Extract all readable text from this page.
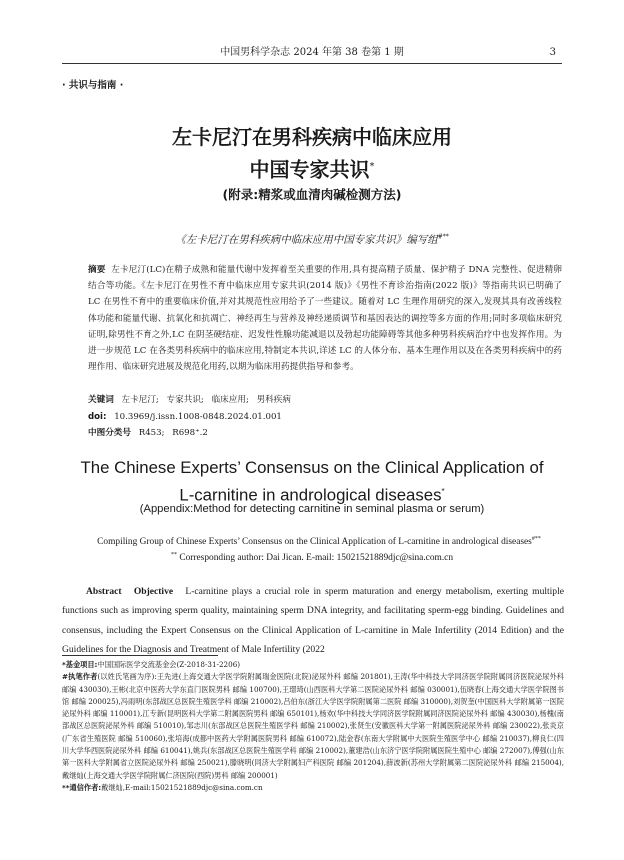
中国男科学杂志 2024 年第 38 卷第 1 期	3
· 共识与指南 ·
左卡尼汀在男科疾病中临床应用
中国专家共识*
(附录:精浆或血清肉碱检测方法)
《左卡尼汀在男科疾病中临床应用中国专家共识》编写组#**
摘要 左卡尼汀(LC)在精子成熟和能量代谢中发挥着至关重要的作用,具有提高精子质量、保护精子 DNA 完整性、促进精卵结合等功能。《左卡尼汀在男性不育中临床应用专家共识(2014 版)》《男性不育诊治指南(2022 版)》等指南共识已明确了 LC 在男性不育中的重要临床价值,并对其规范性应用给予了一些建议。随着对 LC 生理作用研究的深入,发现其具有改善线粒体功能和能量代谢、抗氧化和抗凋亡、神经再生与营养及神经递质调节和基因表达的调控等多方面的作用;同时多项临床研究证明,除男性不育之外,LC 在阴茎硬结症、迟发性性腺功能减退以及勃起功能障碍等其他多种男科疾病治疗中也发挥作用。为进一步规范 LC 在各类男科疾病中的临床应用,特制定本共识,详述 LC 的人体分布、基本生理作用以及在各类男科疾病中的药理作用、临床研究进展及规范化用药,以期为临床用药提供指导和参考。
关键词 左卡尼汀; 专家共识; 临床应用; 男科疾病
doi: 10.3969/j.issn.1008-0848.2024.01.001
中图分类号 R453; R698⁺.2
The Chinese Experts’ Consensus on the Clinical Application of
L-carnitine in andrological diseases*
(Appendix:Method for detecting carnitine in seminal plasma or serum)
Compiling Group of Chinese Experts’ Consensus on the Clinical Application of L-carnitine in andrological diseases#**
** Corresponding author: Dai Jican. E-mail: 15021521889djc@sina.com.cn
Abstract Objective L-carnitine plays a crucial role in sperm maturation and energy metabolism, exerting multiple functions such as improving sperm quality, maintaining sperm DNA integrity, and facilitating sperm-egg binding. Guidelines and consensus, including the Expert Consensus on the Clinical Application of L-carnitine in Male Infertility (2014 Edition) and the Guidelines for the Diagnosis and Treatment of Male Infertility (2022

*基金项目:中国国际医学交流基金会(Z-2018-31-2206)

#执笔作者(以姓氏笔画为序):王先进(上海交通大学医学院附属瑞金医院(北院)泌尿外科 邮编 201801),王涛(华中科技大学同济医学院附属同济医院泌尿外科 邮编 430030),王彬(北京中医药大学东直门医院男科 邮编 100700),王璟琦(山西医科大学第二医院泌尿外科 邮编 030001),伍晓春(上海交通大学医学院图书馆 邮编 200025),冯雨明(东部战区总医院生殖医学科 邮编 210002),吕伯东(浙江大学医学院附属第二医院 邮编 310000),刘贺奎(中国医科大学附属第一医院泌尿外科 邮编 110001),江专新(昆明医科大学第二附属医院男科 邮编 650101),杨欢(华中科技大学同济医学院附属同济医院泌尿外科 邮编 430030),杨槐(南部战区总医院泌尿外科 邮编 510010),邹志川(东部战区总医院生殖医学科 邮编 210002),张贤生(安徽医科大学第一附属医院泌尿外科 邮编 230022),张炎京(广东省生殖医院 邮编 510060),张培海(成都中医药大学附属医院男科 邮编 610072),陆金春(东南大学附属中大医院生殖医学中心 邮编 210037),柳良仁(四川大学华西医院泌尿外科 邮编 610041),姚兵(东部战区总医院生殖医学科 邮编 210002),董建浩(山东济宁医学院附属医院生殖中心 邮编 272007),傅强(山东第一医科大学附属省立医院泌尿外科 邮编 250021),滕晓明(同济大学附属妇产科医院 邮编 201204),薛波新(苏州大学附属第二医院泌尿外科 邮编 215004),戴继灿(上海交通大学医学院附属仁济医院(西院)男科 邮编 200001)

**通信作者:戴继灿,E-mail:15021521889djc@sina.com.cn
